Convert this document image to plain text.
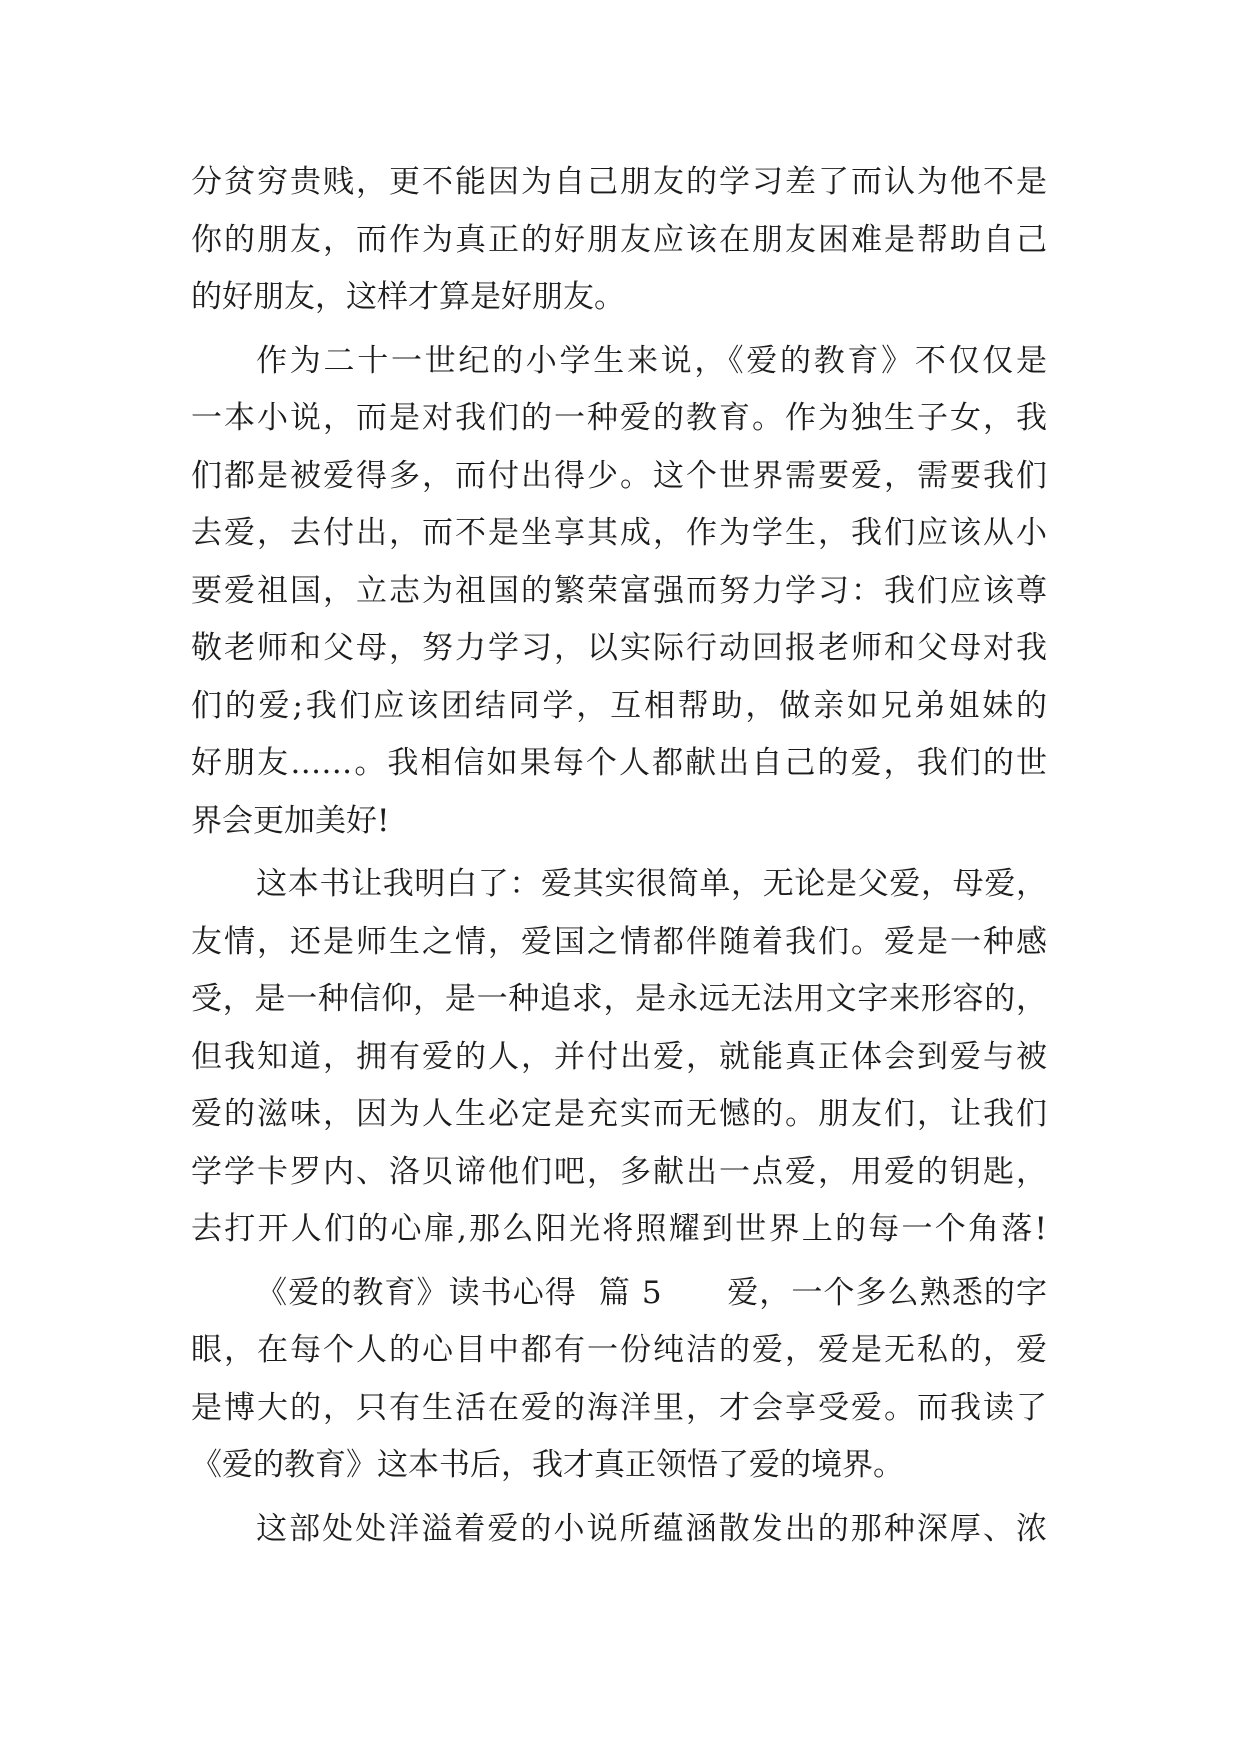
分贫穷贵贱，更不能因为自己朋友的学习差了而认为他不是
你的朋友，而作为真正的好朋友应该在朋友困难是帮助自己
的好朋友，这样才算是好朋友。
作为二十一世纪的小学生来说，《爱的教育》不仅仅是
一本小说，而是对我们的一种爱的教育。作为独生子女，我
们都是被爱得多，而付出得少。这个世界需要爱，需要我们
去爱，去付出，而不是坐享其成，作为学生，我们应该从小
要爱祖国，立志为祖国的繁荣富强而努力学习：我们应该尊
敬老师和父母，努力学习，以实际行动回报老师和父母对我
们的爱;我们应该团结同学，互相帮助，做亲如兄弟姐妹的
好朋友……。我相信如果每个人都献出自己的爱，我们的世
界会更加美好!
这本书让我明白了：爱其实很简单，无论是父爱，母爱，
友情，还是师生之情，爱国之情都伴随着我们。爱是一种感
受，是一种信仰，是一种追求，是永远无法用文字来形容的，
但我知道，拥有爱的人，并付出爱，就能真正体会到爱与被
爱的滋味，因为人生必定是充实而无憾的。朋友们，让我们
学学卡罗内、洛贝谛他们吧，多献出一点爱，用爱的钥匙，
去打开人们的心扉,那么阳光将照耀到世界上的每一个角落!
《爱的教育》读书心得  篇 5      爱，一个多么熟悉的字
眼，在每个人的心目中都有一份纯洁的爱，爱是无私的，爱
是博大的，只有生活在爱的海洋里，才会享受爱。而我读了
《爱的教育》这本书后，我才真正领悟了爱的境界。
这部处处洋溢着爱的小说所蕴涵散发出的那种深厚、浓
